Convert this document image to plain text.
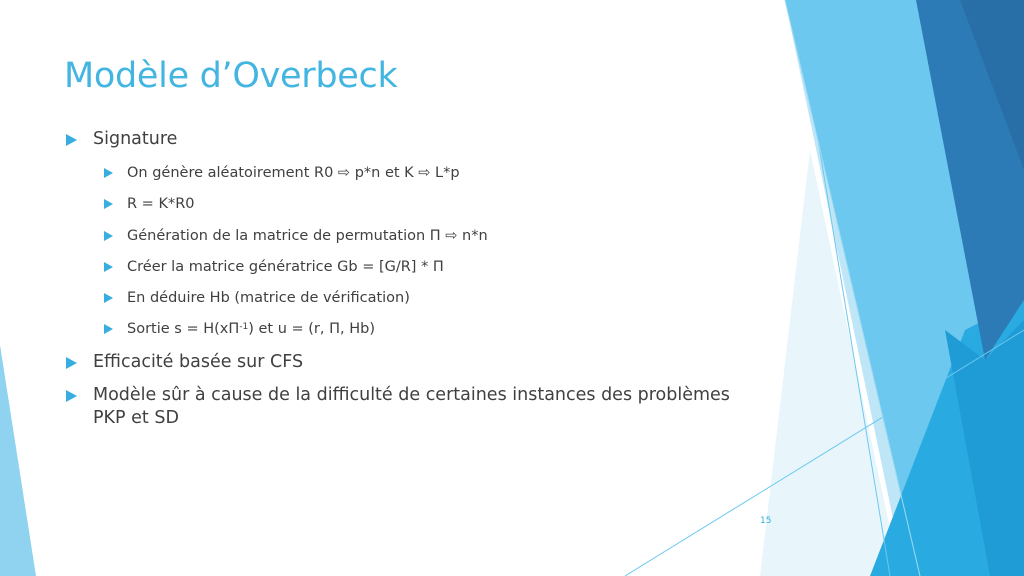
Modèle d’Overbeck
Signature
On génère aléatoirement R0 ⇨ p*n et K ⇨ L*p
R = K*R0
Génération de la matrice de permutation Π ⇨ n*n
Créer la matrice génératrice Gb = [G/R] * Π
En déduire Hb (matrice de vérification)
Sortie $s = H(x\Pi^{-1})$ et u = (r, Π, Hb)
Efficacité basée sur CFS
Modèle sûr à cause de la difficulté de certaines instances des problèmes PKP et SD
15
